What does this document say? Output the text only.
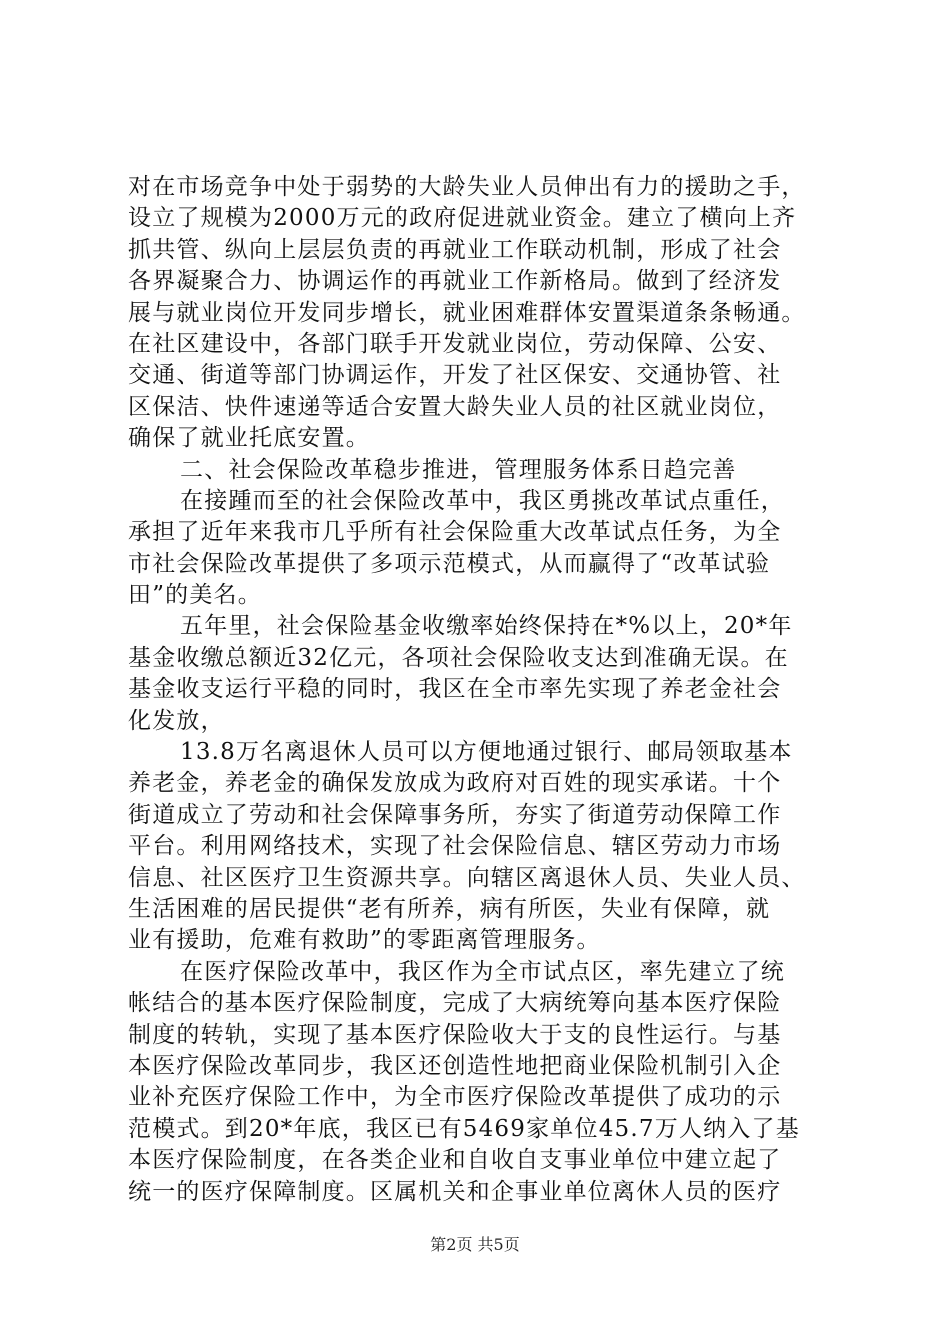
对在市场竞争中处于弱势的大龄失业人员伸出有力的援助之手，
设立了规模为2000万元的政府促进就业资金。建立了横向上齐
抓共管、纵向上层层负责的再就业工作联动机制，形成了社会
各界凝聚合力、协调运作的再就业工作新格局。做到了经济发
展与就业岗位开发同步增长，就业困难群体安置渠道条条畅通。
在社区建设中，各部门联手开发就业岗位，劳动保障、公安、
交通、街道等部门协调运作，开发了社区保安、交通协管、社
区保洁、快件速递等适合安置大龄失业人员的社区就业岗位，
确保了就业托底安置。
二、社会保险改革稳步推进，管理服务体系日趋完善
在接踵而至的社会保险改革中，我区勇挑改革试点重任，
承担了近年来我市几乎所有社会保险重大改革试点任务，为全
市社会保险改革提供了多项示范模式，从而赢得了“改革试验
田”的美名。
五年里，社会保险基金收缴率始终保持在*%以上，20*年
基金收缴总额近32亿元，各项社会保险收支达到准确无误。在
基金收支运行平稳的同时，我区在全市率先实现了养老金社会
化发放，
13.8万名离退休人员可以方便地通过银行、邮局领取基本
养老金，养老金的确保发放成为政府对百姓的现实承诺。十个
街道成立了劳动和社会保障事务所，夯实了街道劳动保障工作
平台。利用网络技术，实现了社会保险信息、辖区劳动力市场
信息、社区医疗卫生资源共享。向辖区离退休人员、失业人员、
生活困难的居民提供“老有所养，病有所医，失业有保障，就
业有援助，危难有救助”的零距离管理服务。
在医疗保险改革中，我区作为全市试点区，率先建立了统
帐结合的基本医疗保险制度，完成了大病统筹向基本医疗保险
制度的转轨，实现了基本医疗保险收大于支的良性运行。与基
本医疗保险改革同步，我区还创造性地把商业保险机制引入企
业补充医疗保险工作中，为全市医疗保险改革提供了成功的示
范模式。到20*年底，我区已有5469家单位45.7万人纳入了基
本医疗保险制度，在各类企业和自收自支事业单位中建立起了
统一的医疗保障制度。区属机关和企事业单位离休人员的医疗
第2页 共5页
